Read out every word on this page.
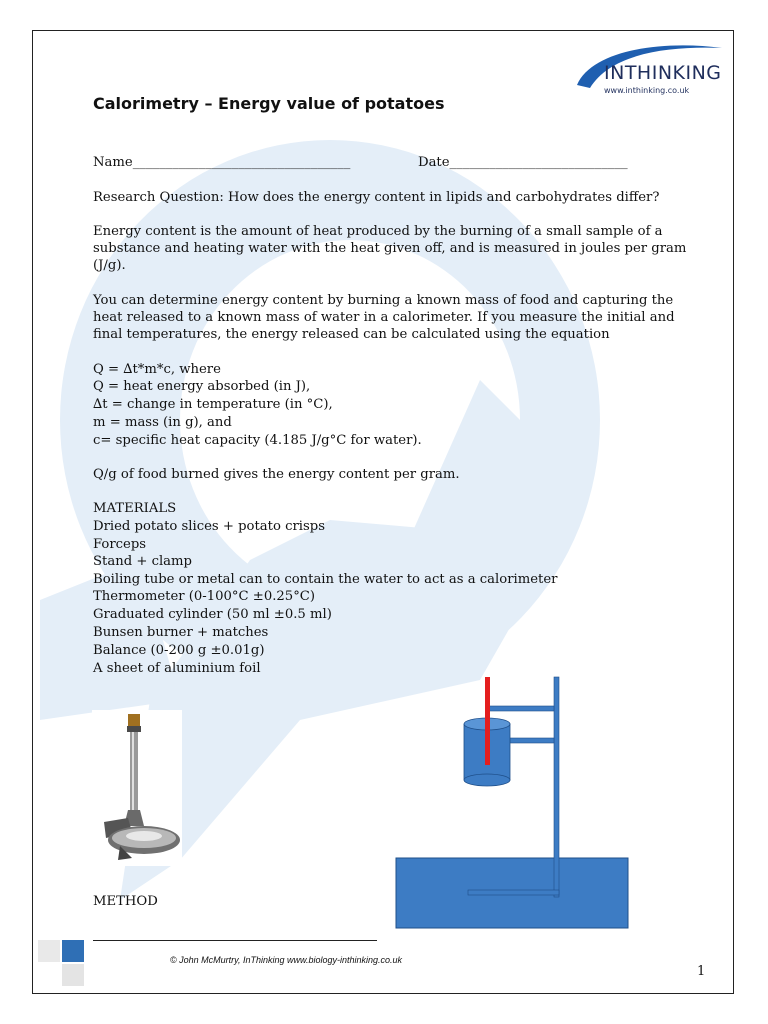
INTHINKING
www.inthinking.co.uk
Calorimetry – Energy value of potatoes
Name_________________________________	Date___________________________
Research Question: How does the energy content in lipids and carbohydrates differ?
Energy content is the amount of heat produced by the burning of a small sample of a
substance and heating water with the heat given off, and is measured in joules per gram
(J/g).
You can determine energy content by burning a known mass of food and capturing the
heat released to a known mass of water in a calorimeter. If you measure the initial and
final temperatures, the energy released can be calculated using the equation
Q = ∆t*m*c, where
Q = heat energy absorbed (in J),
∆t = change in temperature (in °C),
m = mass (in g), and
c= specific heat capacity (4.185 J/g°C for water).
Q/g of food burned gives the energy content per gram.
MATERIALS
Dried potato slices + potato crisps
Forceps
Stand + clamp
Boiling tube or metal can to contain the water to act as a calorimeter
Thermometer (0-100°C ±0.25°C)
Graduated cylinder (50 ml ±0.5 ml)
Bunsen burner + matches
Balance (0-200 g ±0.01g)
A sheet of aluminium foil
METHOD
© John McMurtry, InThinking www.biology-inthinking.co.uk
1
